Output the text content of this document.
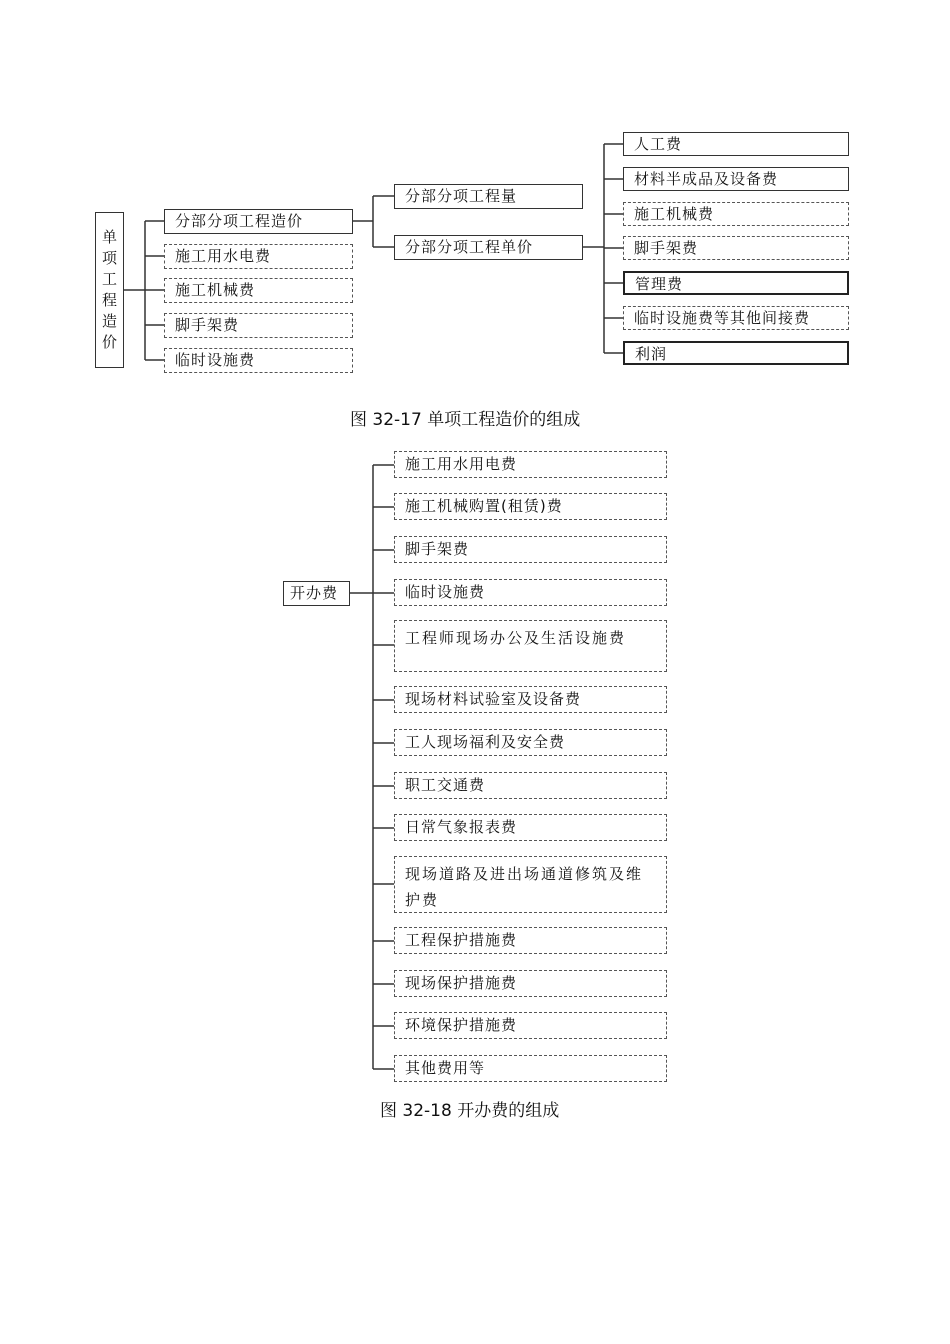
单
项
工
程
造
价
分部分项工程造价
施工用水电费
施工机械费
脚手架费
临时设施费
分部分项工程量
分部分项工程单价
人工费
材料半成品及设备费
施工机械费
脚手架费
管理费
临时设施费等其他间接费
利润
图 32-17 单项工程造价的组成
开办费
施工用水用电费
施工机械购置(租赁)费
脚手架费
临时设施费
工程师现场办公及生活设施费
现场材料试验室及设备费
工人现场福利及安全费
职工交通费
日常气象报表费
现场道路及进出场通道修筑及维护费
工程保护措施费
现场保护措施费
环境保护措施费
其他费用等
图 32-18 开办费的组成
